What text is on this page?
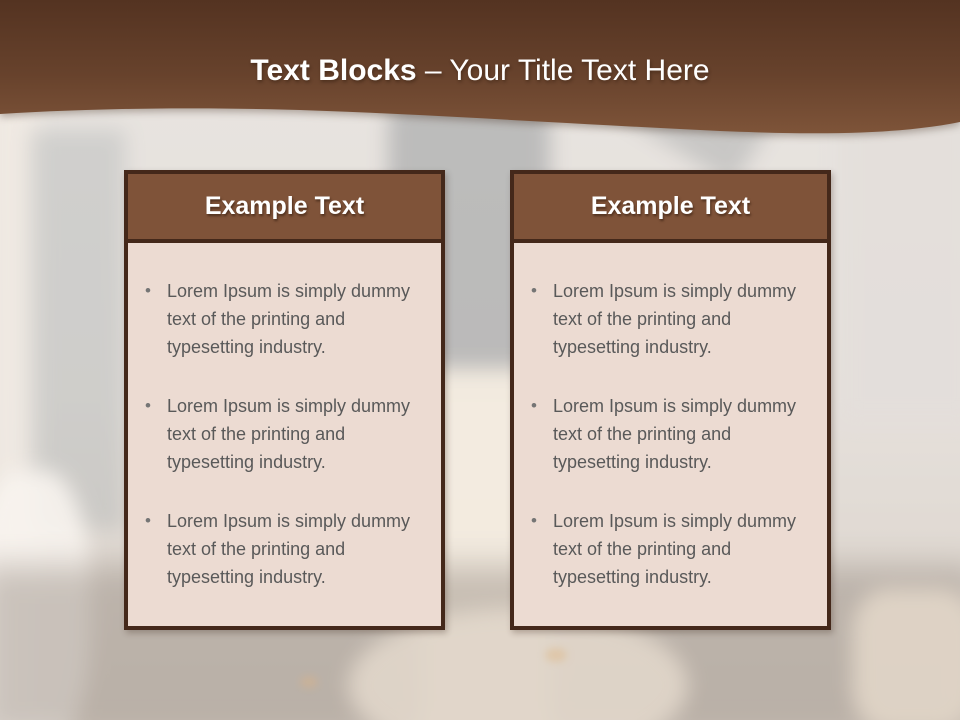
Text Blocks – Your Title Text Here
Example Text
• Lorem Ipsum is simply dummy text of the printing and typesetting industry.
• Lorem Ipsum is simply dummy text of the printing and typesetting industry.
• Lorem Ipsum is simply dummy text of the printing and typesetting industry.
Example Text
• Lorem Ipsum is simply dummy text of the printing and typesetting industry.
• Lorem Ipsum is simply dummy text of the printing and typesetting industry.
• Lorem Ipsum is simply dummy text of the printing and typesetting industry.
